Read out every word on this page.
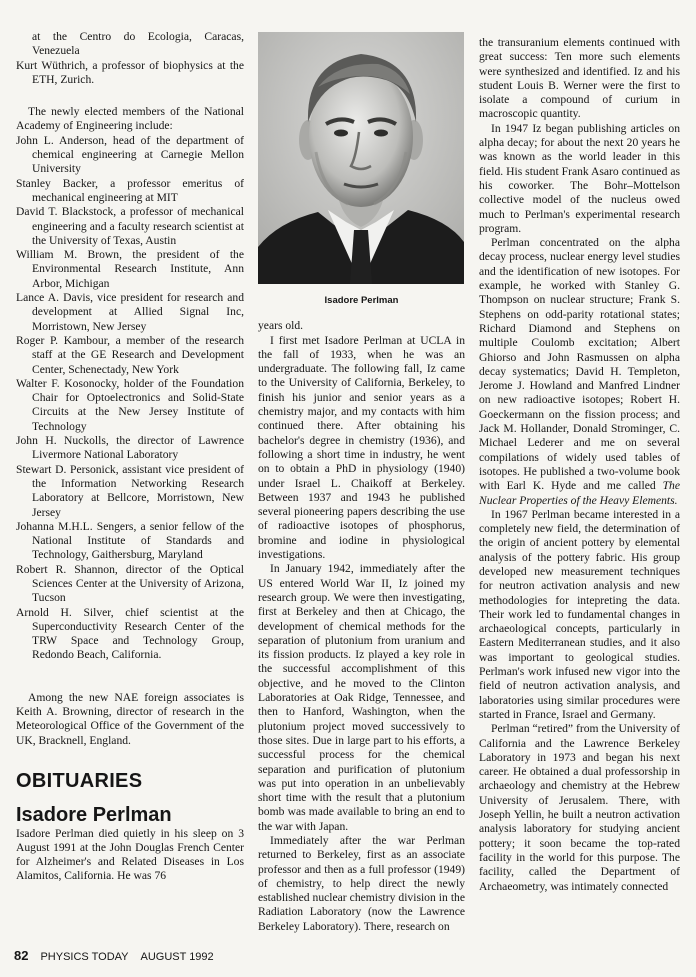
at the Centro do Ecologia, Caracas, Venezuela

Kurt Wüthrich, a professor of biophysics at the ETH, Zurich.

The newly elected members of the National Academy of Engineering include:

John L. Anderson, head of the department of chemical engineering at Carnegie Mellon University

Stanley Backer, a professor emeritus of mechanical engineering at MIT

David T. Blackstock, a professor of mechanical engineering and a faculty research scientist at the University of Texas, Austin

William M. Brown, the president of the Environmental Research Institute, Ann Arbor, Michigan

Lance A. Davis, vice president for research and development at Allied Signal Inc, Morristown, New Jersey

Roger P. Kambour, a member of the research staff at the GE Research and Development Center, Schenectady, New York

Walter F. Kosonocky, holder of the Foundation Chair for Optoelectronics and Solid-State Circuits at the New Jersey Institute of Technology

John H. Nuckolls, the director of Lawrence Livermore National Laboratory

Stewart D. Personick, assistant vice president of the Information Networking Research Laboratory at Bellcore, Morristown, New Jersey

Johanna M.H.L. Sengers, a senior fellow of the National Institute of Standards and Technology, Gaithersburg, Maryland

Robert R. Shannon, director of the Optical Sciences Center at the University of Arizona, Tucson

Arnold H. Silver, chief scientist at the Superconductivity Research Center of the TRW Space and Technology Group, Redondo Beach, California.

Among the new NAE foreign associates is Keith A. Browning, director of research in the Meteorological Office of the Government of the UK, Bracknell, England.

OBITUARIES
Isadore Perlman

Isadore Perlman died quietly in his sleep on 3 August 1991 at the John Douglas French Center for Alzheimer's and Related Diseases in Los Alamitos, California. He was 76

Isadore Perlman

years old.

I first met Isadore Perlman at UCLA in the fall of 1933, when he was an undergraduate. The following fall, Iz came to the University of California, Berkeley, to finish his junior and senior years as a chemistry major, and my contacts with him continued there. After obtaining his bachelor's degree in chemistry (1936), and following a short time in industry, he went on to obtain a PhD in physiology (1940) under Israel L. Chaikoff at Berkeley. Between 1937 and 1943 he published several pioneering papers describing the use of radioactive isotopes of phosphorus, bromine and iodine in physiological investigations.

In January 1942, immediately after the US entered World War II, Iz joined my research group. We were then investigating, first at Berkeley and then at Chicago, the development of chemical methods for the separation of plutonium from uranium and its fission products. Iz played a key role in the successful accomplishment of this objective, and he moved to the Clinton Laboratories at Oak Ridge, Tennessee, and then to Hanford, Washington, when the plutonium project moved successively to those sites. Due in large part to his efforts, a successful process for the chemical separation and purification of plutonium was put into operation in an unbelievably short time with the result that a plutonium bomb was made available to bring an end to the war with Japan.

Immediately after the war Perlman returned to Berkeley, first as an associate professor and then as a full professor (1949) of chemistry, to help direct the newly established nuclear chemistry division in the Radiation Laboratory (now the Lawrence Berkeley Laboratory). There, research on

the transuranium elements continued with great success: Ten more such elements were synthesized and identified. Iz and his student Louis B. Werner were the first to isolate a compound of curium in macroscopic quantity.

In 1947 Iz began publishing articles on alpha decay; for about the next 20 years he was known as the world leader in this field. His student Frank Asaro continued as his coworker. The Bohr–Mottelson collective model of the nucleus owed much to Perlman's experimental research program.

Perlman concentrated on the alpha decay process, nuclear energy level studies and the identification of new isotopes. For example, he worked with Stanley G. Thompson on nuclear structure; Frank S. Stephens on odd-parity rotational states; Richard Diamond and Stephens on multiple Coulomb excitation; Albert Ghiorso and John Rasmussen on alpha decay systematics; David H. Templeton, Jerome J. Howland and Manfred Lindner on new radioactive isotopes; Robert H. Goeckermann on the fission process; and Jack M. Hollander, Donald Strominger, C. Michael Lederer and me on several compilations of widely used tables of isotopes. He published a two-volume book with Earl K. Hyde and me called The Nuclear Properties of the Heavy Elements.

In 1967 Perlman became interested in a completely new field, the determination of the origin of ancient pottery by elemental analysis of the pottery fabric. His group developed new measurement techniques for neutron activation analysis and new methodologies for intepreting the data. Their work led to fundamental changes in archaeological concepts, particularly in Eastern Mediterranean studies, and it also was important to geological studies. Perlman's work infused new vigor into the field of neutron activation analysis, and laboratories using similar procedures were started in France, Israel and Germany.

Perlman “retired” from the University of California and the Lawrence Berkeley Laboratory in 1973 and began his next career. He obtained a dual professorship in archaeology and chemistry at the Hebrew University of Jerusalem. There, with Joseph Yellin, he built a neutron activation analysis laboratory for studying ancient pottery; it soon became the top-rated facility in the world for this purpose. The facility, called the Department of Archaeometry, was intimately connected

82 PHYSICS TODAY AUGUST 1992
